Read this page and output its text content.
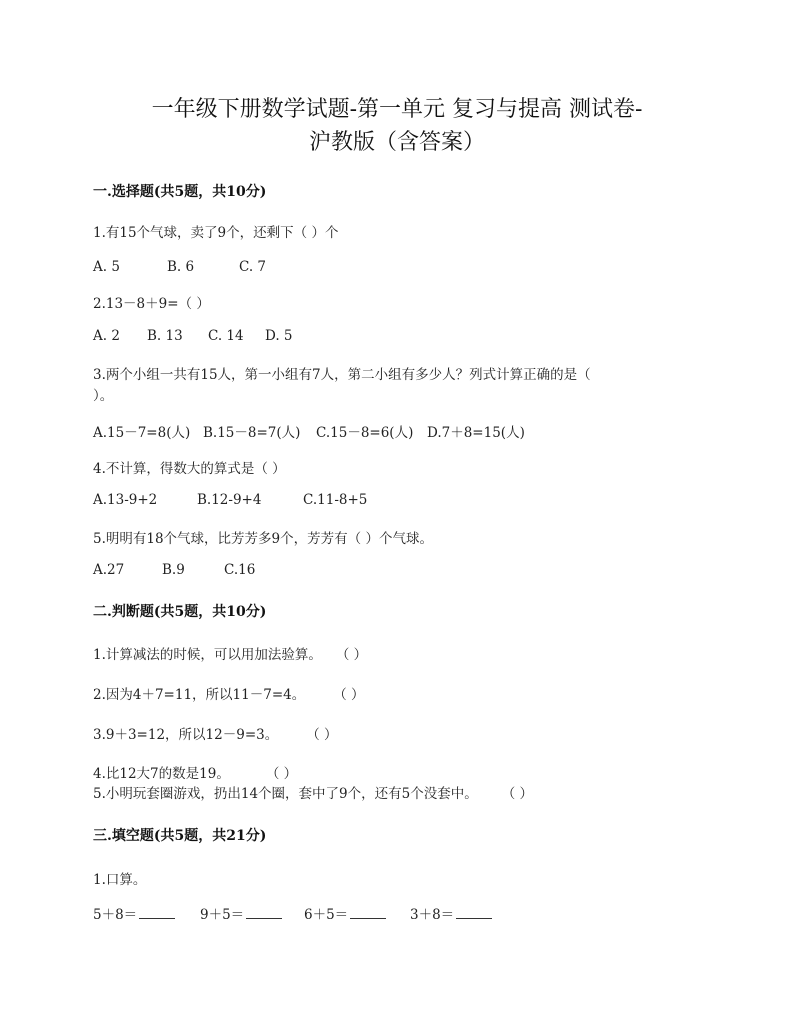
一年级下册数学试题-第一单元 复习与提高 测试卷-
沪教版（含答案）
一.选择题(共5题，共10分)
1.有15个气球，卖了9个，还剩下（ ）个
A. 5	B. 6	C. 7
2.13－8＋9=（ ）
A. 2 B. 13 C. 14 D. 5
3.两个小组一共有15人，第一小组有7人，第二小组有多少人？列式计算正确的是（
）。
A.15－7=8(人) B.15－8=7(人) C.15－8=6(人) D.7＋8=15(人)
4.不计算，得数大的算式是（ ）
A.13-9+2	B.12-9+4	C.11-8+5
5.明明有18个气球，比芳芳多9个，芳芳有（ ）个气球。
A.27	B.9	C.16
二.判断题(共5题，共10分)
1.计算减法的时候，可以用加法验算。 （ ）
2.因为4＋7=11，所以11－7=4。 （ ）
3.9＋3=12，所以12－9=3。 （ ）
4.比12大7的数是19。	（ ）
5.小明玩套圈游戏，扔出14个圈，套中了9个，还有5个没套中。 （ ）
三.填空题(共5题，共21分)
1.口算。
5＋8＝	9＋5＝	6＋5＝	3＋8＝
